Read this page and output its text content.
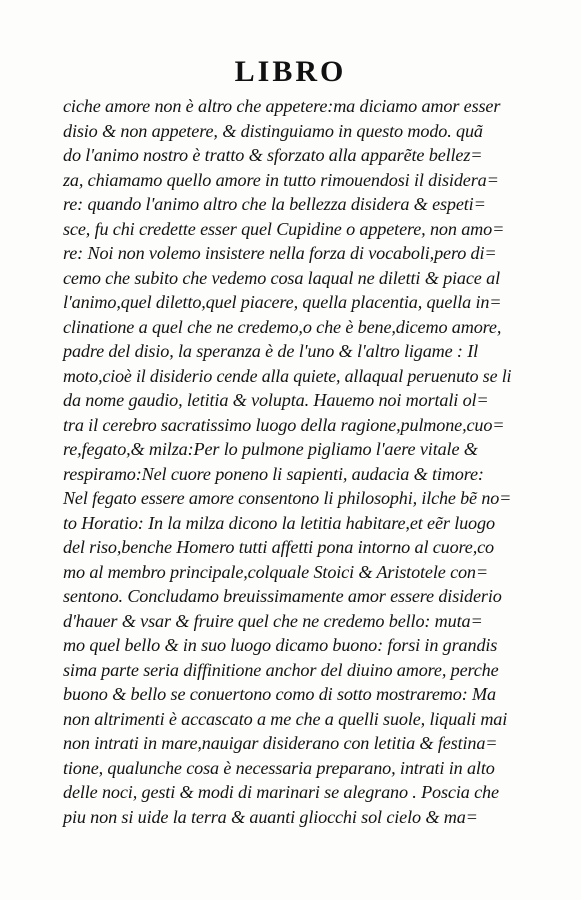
LIBRO
ciche amore non è altro che appetere:ma diciamo amor esser
disio & non appetere, & distinguiamo in questo modo. quã
do l'animo nostro è tratto & sforzato alla apparẽte bellez=
za, chiamamo quello amore in tutto rimouendosi il disidera=
re: quando l'animo altro che la bellezza disidera & espeti=
sce, fu chi credette esser quel Cupidine o appetere, non amo=
re: Noi non volemo insistere nella forza di vocaboli,pero di=
cemo che subito che vedemo cosa laqual ne diletti & piace al
l'animo,quel diletto,quel piacere, quella placentia, quella in=
clinatione a quel che ne credemo,o che è bene,dicemo amore,
padre del disio, la speranza è de l'uno & l'altro ligame : Il
moto,cioè il disiderio cende alla quiete, allaqual peruenuto se li
da nome gaudio, letitia & volupta. Hauemo noi mortali ol=
tra il cerebro sacratissimo luogo della ragione,pulmone,cuo=
re,fegato,& milza:Per lo pulmone pigliamo l'aere vitale &
respiramo:Nel cuore poneno li sapienti, audacia & timore:
Nel fegato essere amore consentono li philosophi, ilche bẽ no=
to Horatio: In la milza dicono la letitia habitare,et eẽr luogo
del riso,benche Homero tutti affetti pona intorno al cuore,co
mo al membro principale,colquale Stoici & Aristotele con=
sentono. Concludamo breuissimamente amor essere disiderio
d'hauer & vsar & fruire quel che ne credemo bello: muta=
mo quel bello & in suo luogo dicamo buono: forsi in grandis
sima parte seria diffinitione anchor del diuino amore, perche
buono & bello se conuertono como di sotto mostraremo: Ma
non altrimenti è accascato a me che a quelli suole, liquali mai
non intrati in mare,nauigar disiderano con letitia & festina=
tione, qualunche cosa è necessaria preparano, intrati in alto
delle noci, gesti & modi di marinari se alegrano . Poscia che
piu non si uide la terra & auanti gliocchi sol cielo & ma=
